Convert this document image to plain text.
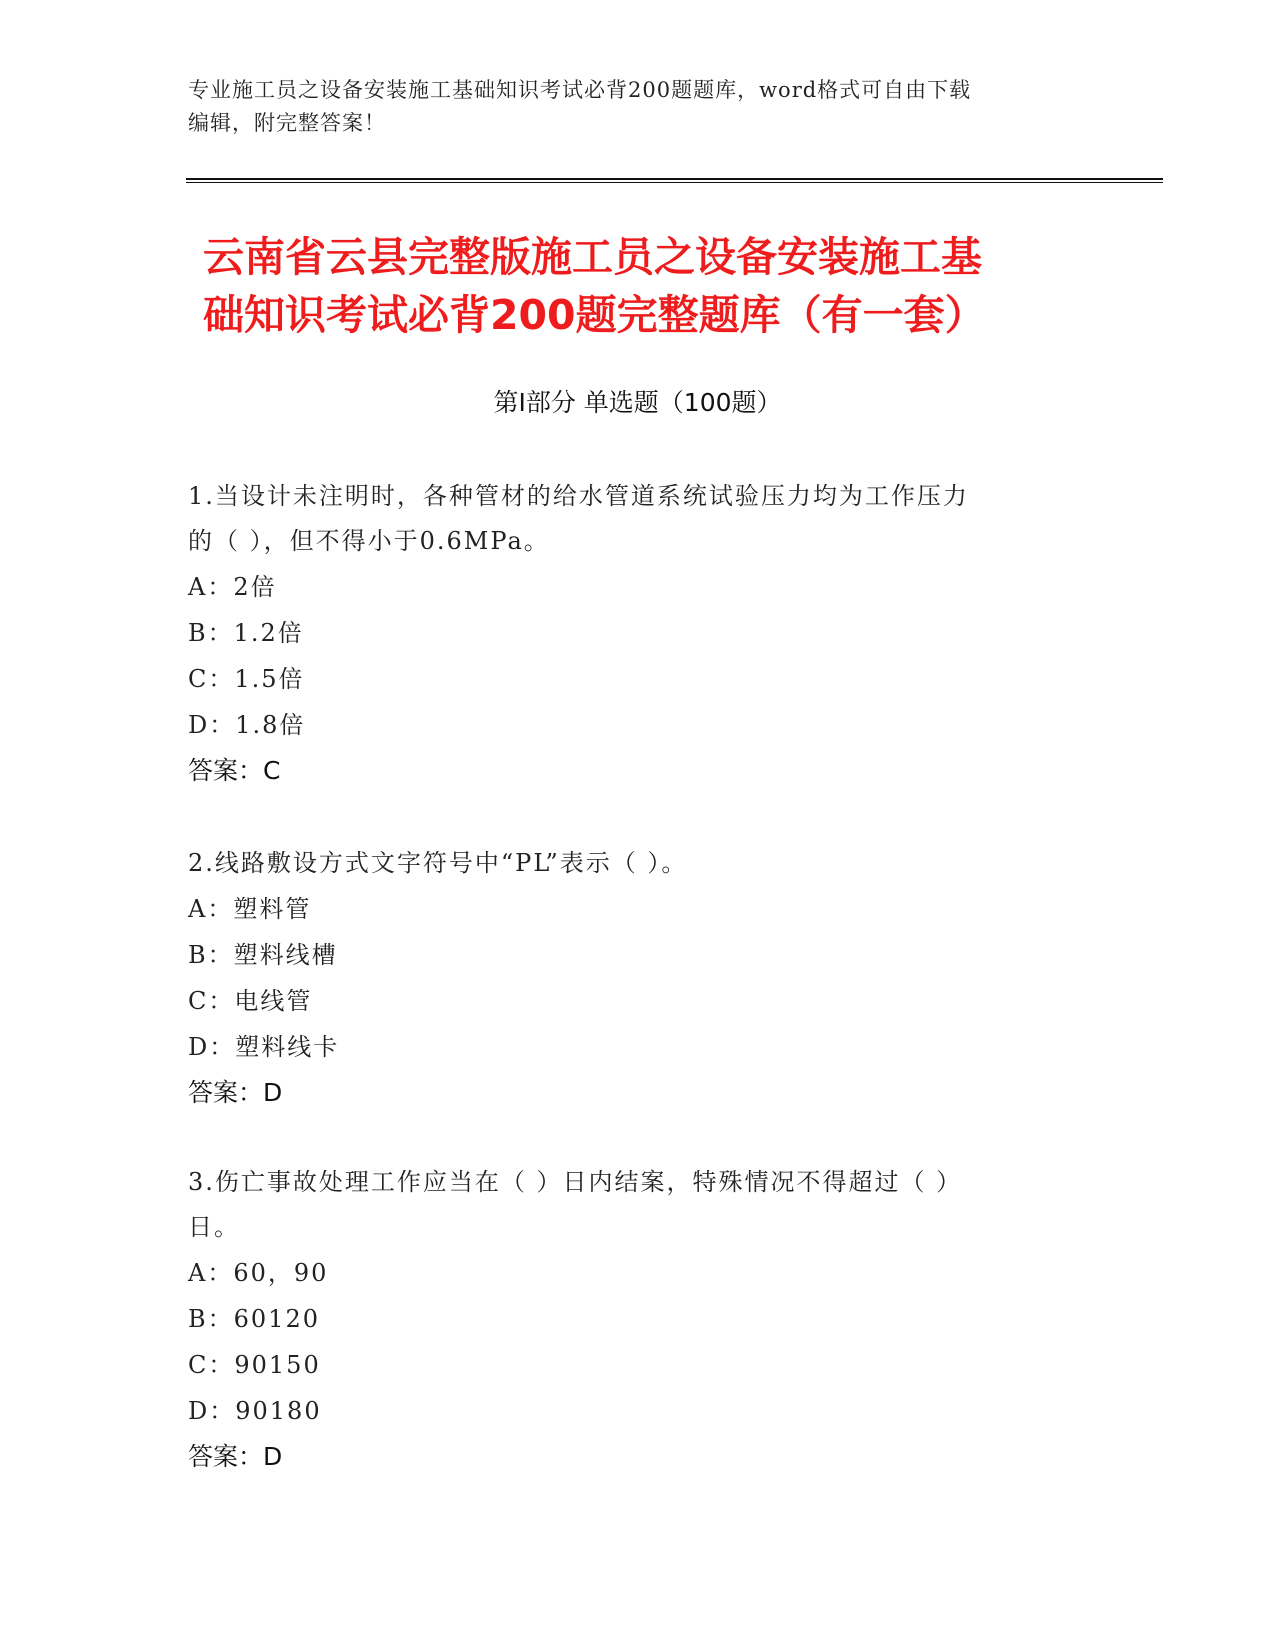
专业施工员之设备安装施工基础知识考试必背200题题库，word格式可自由下载
编辑，附完整答案！
云南省云县完整版施工员之设备安装施工基
础知识考试必背200题完整题库（有一套）
第Ⅰ部分 单选题（100题）
1.当设计未注明时，各种管材的给水管道系统试验压力均为工作压力
的（ ），但不得小于0.6MPa。
A：2倍
B：1.2倍
C：1.5倍
D：1.8倍
答案：C
2.线路敷设方式文字符号中“PL”表示（ ）。
A：塑料管
B：塑料线槽
C：电线管
D：塑料线卡
答案：D
3.伤亡事故处理工作应当在（ ）日内结案，特殊情况不得超过（ ）
日。
A：60，90
B：60120
C：90150
D：90180
答案：D
